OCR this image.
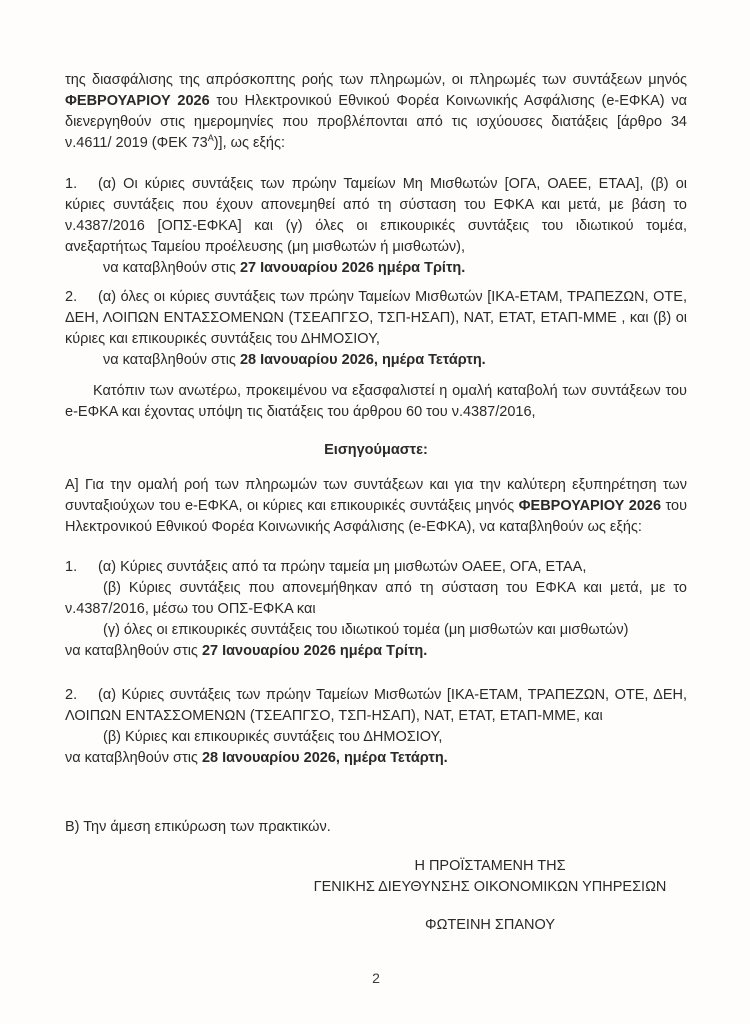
της διασφάλισης της απρόσκοπτης ροής των πληρωμών, οι πληρωμές των συντάξεων μηνός ΦΕΒΡΟΥΑΡΙΟΥ 2026 του Ηλεκτρονικού Εθνικού Φορέα Κοινωνικής Ασφάλισης (e-ΕΦΚΑ) να διενεργηθούν στις ημερομηνίες που προβλέπονται από τις ισχύουσες διατάξεις [άρθρο 34 ν.4611/ 2019 (ΦΕΚ $73^A$)], ως εξής:

1. (α) Οι κύριες συντάξεις των πρώην Ταμείων Μη Μισθωτών [ΟΓΑ, ΟΑΕΕ, ΕΤΑΑ], (β) οι κύριες συντάξεις που έχουν απονεμηθεί από τη σύσταση του ΕΦΚΑ και μετά, με βάση το ν.4387/2016 [ΟΠΣ-ΕΦΚΑ] και (γ) όλες οι επικουρικές συντάξεις του ιδιωτικού τομέα, ανεξαρτήτως Ταμείου προέλευσης (μη μισθωτών ή μισθωτών),

να καταβληθούν στις 27 Ιανουαρίου 2026 ημέρα Τρίτη.

2. (α) όλες οι κύριες συντάξεις των πρώην Ταμείων Μισθωτών [ΙΚΑ-ΕΤΑΜ, ΤΡΑΠΕΖΩΝ, ΟΤΕ, ΔΕΗ, ΛΟΙΠΩΝ ΕΝΤΑΣΣΟΜΕΝΩΝ (ΤΣΕΑΠΓΣΟ, ΤΣΠ-ΗΣΑΠ), ΝΑΤ, ΕΤΑΤ, ΕΤΑΠ-ΜΜΕ , και (β) οι κύριες και επικουρικές συντάξεις του ΔΗΜΟΣΙΟΥ,

να καταβληθούν στις 28 Ιανουαρίου 2026, ημέρα Τετάρτη.

Κατόπιν των ανωτέρω, προκειμένου να εξασφαλιστεί η ομαλή καταβολή των συντάξεων του e-ΕΦΚΑ και έχοντας υπόψη τις διατάξεις του άρθρου 60 του ν.4387/2016,

Εισηγούμαστε:

Α] Για την ομαλή ροή των πληρωμών των συντάξεων και για την καλύτερη εξυπηρέτηση των συνταξιούχων του e-ΕΦΚΑ, οι κύριες και επικουρικές συντάξεις μηνός ΦΕΒΡΟΥΑΡΙΟΥ 2026 του Ηλεκτρονικού Εθνικού Φορέα Κοινωνικής Ασφάλισης (e-ΕΦΚΑ), να καταβληθούν ως εξής:

1. (α) Κύριες συντάξεις από τα πρώην ταμεία μη μισθωτών ΟΑΕΕ, ΟΓΑ, ΕΤΑΑ,

(β) Κύριες συντάξεις που απονεμήθηκαν από τη σύσταση του ΕΦΚΑ και μετά, με το ν.4387/2016, μέσω του ΟΠΣ-ΕΦΚΑ και

(γ) όλες οι επικουρικές συντάξεις του ιδιωτικού τομέα (μη μισθωτών και μισθωτών)

να καταβληθούν στις 27 Ιανουαρίου 2026 ημέρα Τρίτη.

2. (α) Κύριες συντάξεις των πρώην Ταμείων Μισθωτών [ΙΚΑ-ΕΤΑΜ, ΤΡΑΠΕΖΩΝ, ΟΤΕ, ΔΕΗ, ΛΟΙΠΩΝ ΕΝΤΑΣΣΟΜΕΝΩΝ (ΤΣΕΑΠΓΣΟ, ΤΣΠ-ΗΣΑΠ), ΝΑΤ, ΕΤΑΤ, ΕΤΑΠ-ΜΜΕ, και

(β) Κύριες και επικουρικές συντάξεις του ΔΗΜΟΣΙΟΥ,

να καταβληθούν στις 28 Ιανουαρίου 2026, ημέρα Τετάρτη.

Β) Την άμεση επικύρωση των πρακτικών.

Η ΠΡΟΪΣΤΑΜΕΝΗ ΤΗΣ

ΓΕΝΙΚΗΣ ΔΙΕΥΘΥΝΣΗΣ ΟΙΚΟΝΟΜΙΚΩΝ ΥΠΗΡΕΣΙΩΝ

ΦΩΤΕΙΝΗ ΣΠΑΝΟΥ

2
